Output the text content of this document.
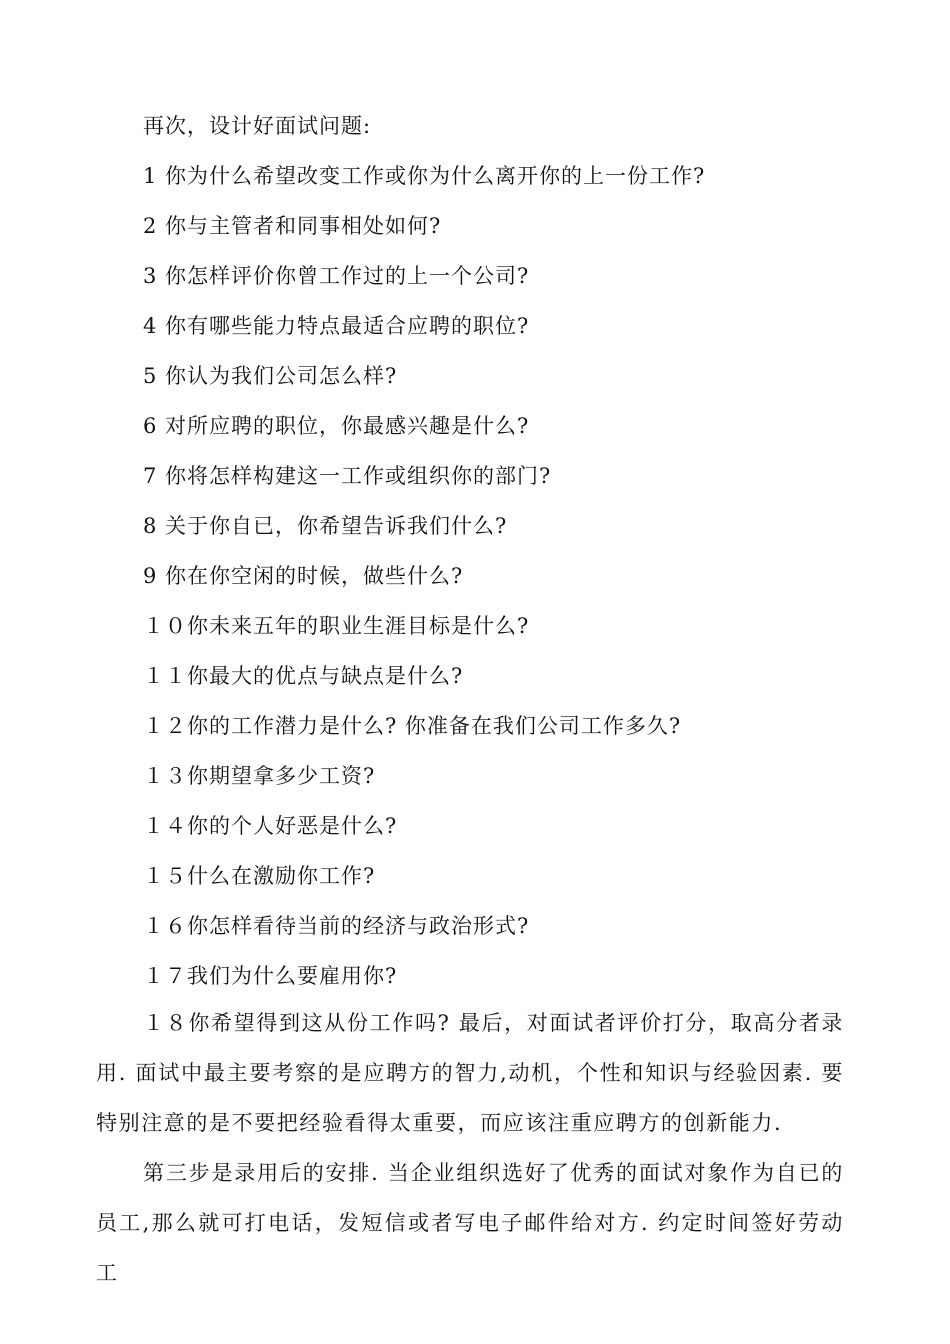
再次，设计好面试问题:
1 你为什么希望改变工作或你为什么离开你的上一份工作?
2 你与主管者和同事相处如何?
3 你怎样评价你曾工作过的上一个公司?
4 你有哪些能力特点最适合应聘的职位?
5 你认为我们公司怎么样?
6 对所应聘的职位，你最感兴趣是什么?
7 你将怎样构建这一工作或组织你的部门?
8 关于你自已，你希望告诉我们什么?
9 你在你空闲的时候，做些什么?
１０你未来五年的职业生涯目标是什么?
１１你最大的优点与缺点是什么?
１２你的工作潜力是什么? 你准备在我们公司工作多久?
１３你期望拿多少工资?
１４你的个人好恶是什么?
１５什么在激励你工作?
１６你怎样看待当前的经济与政治形式?
１７我们为什么要雇用你?
１８你希望得到这从份工作吗? 最后，对面试者评价打分，取高分者录用. 面试中最主要考察的是应聘方的智力,动机，个性和知识与经验因素. 要特别注意的是不要把经验看得太重要，而应该注重应聘方的创新能力.
第三步是录用后的安排. 当企业组织选好了优秀的面试对象作为自已的员工,那么就可打电话，发短信或者写电子邮件给对方. 约定时间签好劳动工
